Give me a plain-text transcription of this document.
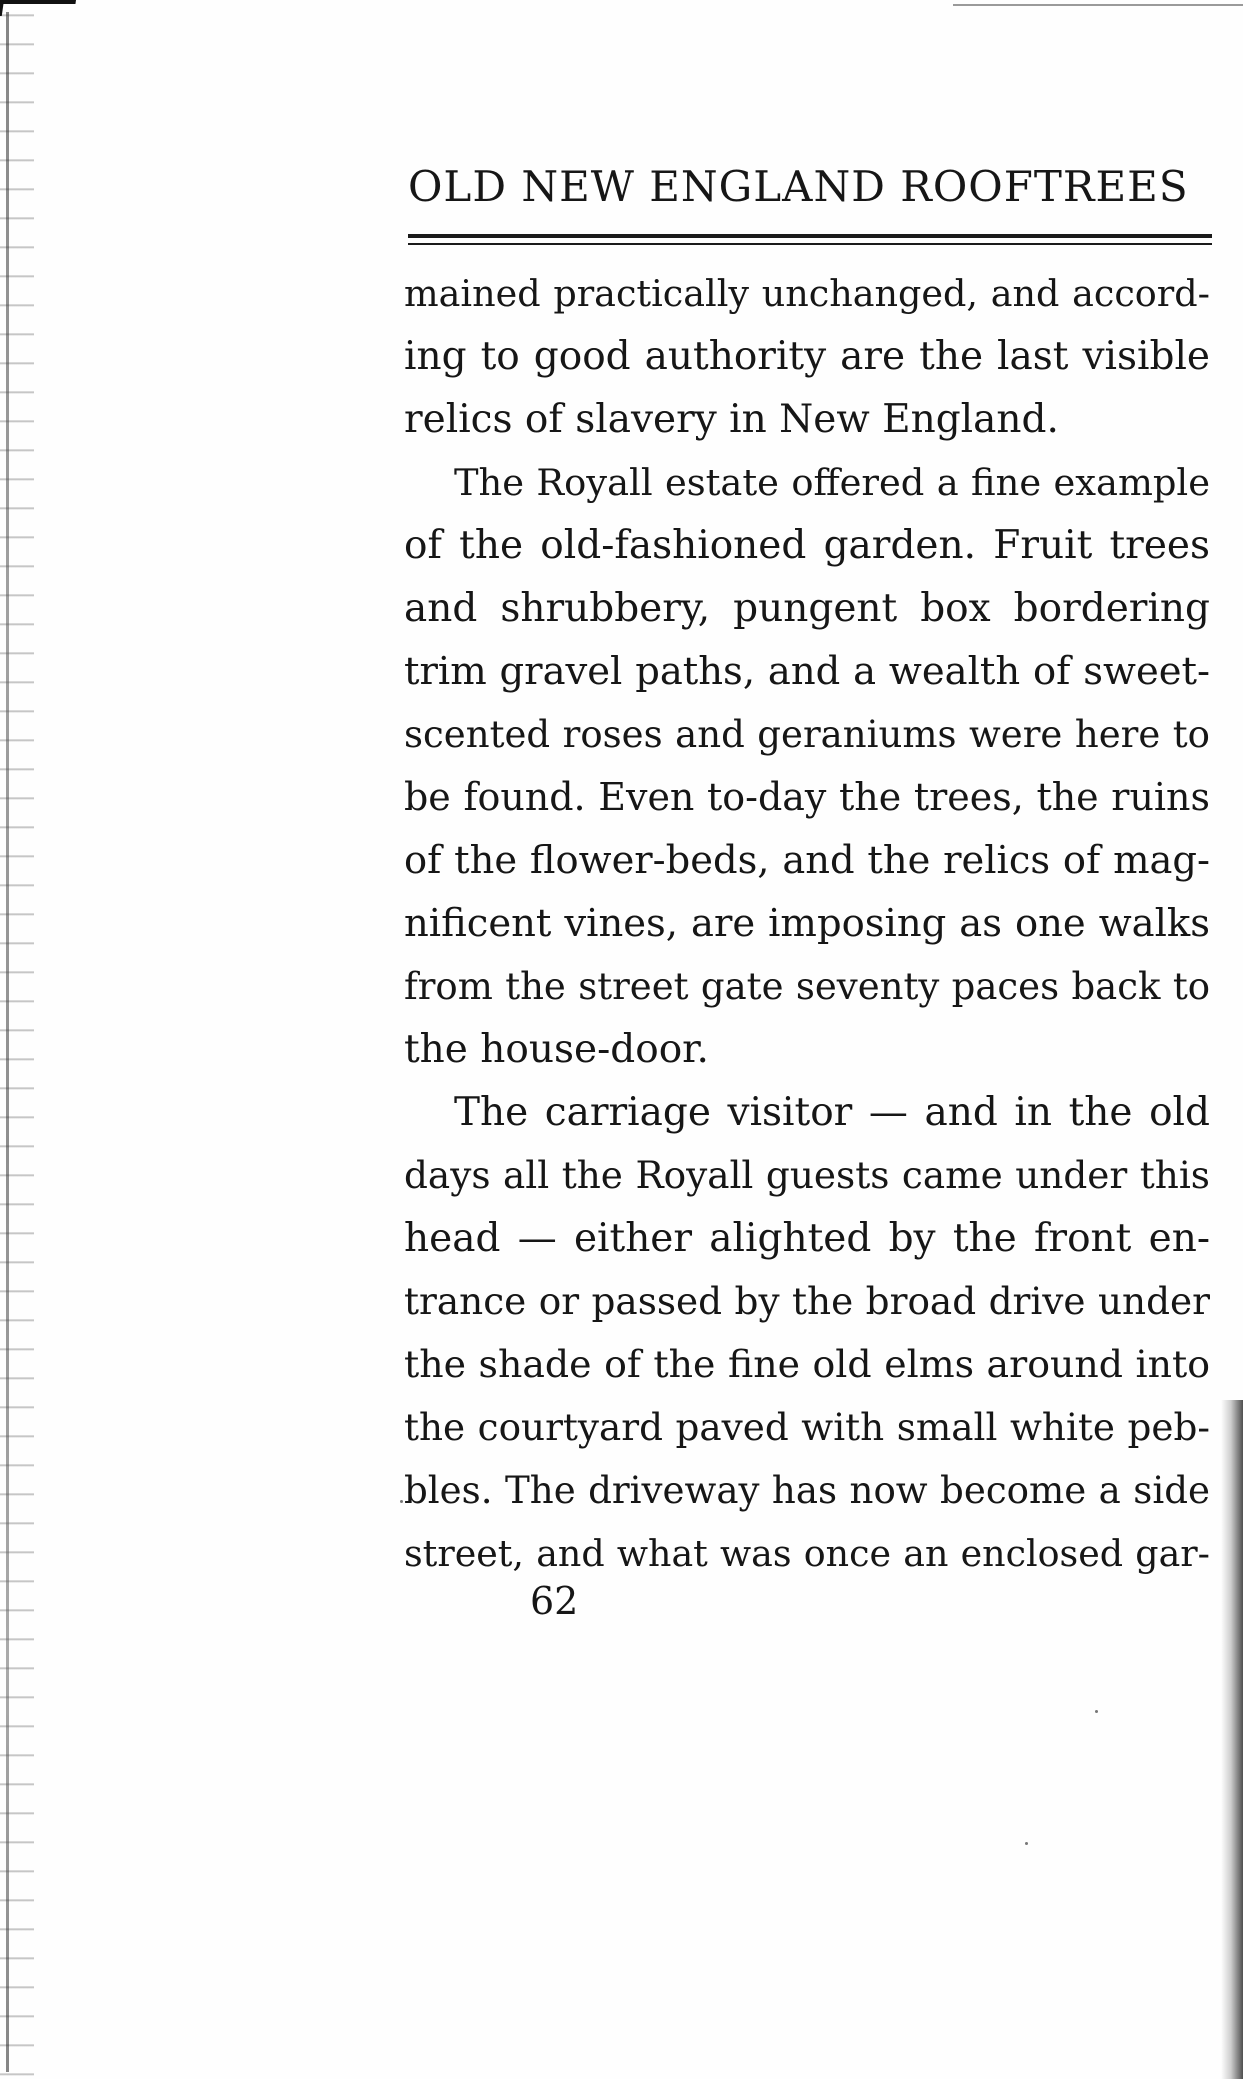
OLD NEW ENGLAND ROOFTREES
mained practically unchanged, and accord-
ing to good authority are the last visible
relics of slavery in New England.
The Royall estate offered a fine example
of the old-fashioned garden. Fruit trees
and shrubbery, pungent box bordering
trim gravel paths, and a wealth of sweet-
scented roses and geraniums were here to
be found. Even to-day the trees, the ruins
of the flower-beds, and the relics of mag-
nificent vines, are imposing as one walks
from the street gate seventy paces back to
the house-door.
The carriage visitor — and in the old
days all the Royall guests came under this
head — either alighted by the front en-
trance or passed by the broad drive under
the shade of the fine old elms around into
the courtyard paved with small white peb-
bles. The driveway has now become a side
street, and what was once an enclosed gar-
62
